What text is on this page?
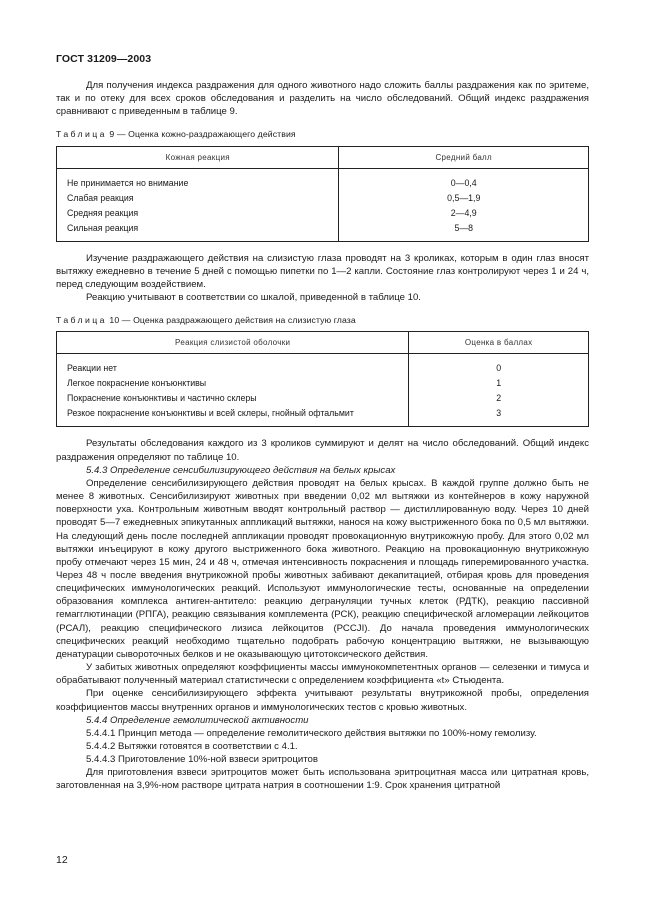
ГОСТ 31209—2003

Для получения индекса раздражения для одного животного надо сложить баллы раздражения как по эритеме, так и по отеку для всех сроков обследования и разделить на число обследований. Общий индекс раздражения сравнивают с приведенным в таблице 9.

Таблица 9 — Оценка кожно-раздражающего действия

Кожная реакция	Средний балл
Не принимается но внимание	0—0,4
Слабая реакция	0,5—1,9
Средняя реакция	2—4,9
Сильная реакция	5—8

Изучение раздражающего действия на слизистую глаза проводят на 3 кроликах, которым в один глаз вносят вытяжку ежедневно в течение 5 дней с помощью пипетки по 1—2 капли. Состояние глаз контролируют через 1 и 24 ч, перед следующим воздействием.

Реакцию учитывают в соответствии со шкалой, приведенной в таблице 10.

Таблица 10 — Оценка раздражающего действия на слизистую глаза

Реакция слизистой оболочки	Оценка в баллах
Реакции нет	0
Легкое покраснение конъюнктивы	1
Покраснение конъюнктивы и частично склеры	2
Резкое покраснение конъюнктивы и всей склеры, гнойный офтальмит	3

Результаты обследования каждого из 3 кроликов суммируют и делят на число обследований. Общий индекс раздражения определяют по таблице 10.

5.4.3 Определение сенсибилизирующего действия на белых крысах

Определение сенсибилизирующего действия проводят на белых крысах. В каждой группе должно быть не менее 8 животных. Сенсибилизируют животных при введении 0,02 мл вытяжки из контейнеров в кожу наружной поверхности уха. Контрольным животным вводят контрольный раствор — дистиллированную воду. Через 10 дней проводят 5—7 ежедневных эпикутанных аппликаций вытяжки, нанося на кожу выстриженного бока по 0,5 мл вытяжки. На следующий день после последней аппликации проводят провокационную внутрикожную пробу. Для этого 0,02 мл вытяжки инъецируют в кожу другого выстриженного бока животного. Реакцию на провокационную внутрикожную пробу отмечают через 15 мин, 24 и 48 ч, отмечая интенсивность покраснения и площадь гиперемированного участка. Через 48 ч после введения внутрикожной пробы животных забивают декапитацией, отбирая кровь для проведения специфических иммунологических реакций. Используют иммунологические тесты, основанные на определении образования комплекса антиген-антитело: реакцию дегрануляции тучных клеток (РДТК), реакцию пассивной гемагглютинации (РПГА), реакцию связывания комплемента (РСК), реакцию специфической агломерации лейкоцитов (РСАЛ), реакцию специфического лизиса лейкоцитов (РСCJI). До начала проведения иммунологических специфических реакций необходимо тщательно подобрать рабочую концентрацию вытяжки, не вызывающую денатурации сывороточных белков и не оказывающую цитотоксического действия.

У забитых животных определяют коэффициенты массы иммунокомпетентных органов — селезенки и тимуса и обрабатывают полученный материал статистически с определением коэффициента «t» Стьюдента.

При оценке сенсибилизирующего эффекта учитывают результаты внутрикожной пробы, определения коэффициентов массы внутренних органов и иммунологических тестов с кровью животных.

5.4.4 Определение гемолитической активности

5.4.4.1 Принцип метода — определение гемолитического действия вытяжки по 100%-ному гемолизу.

5.4.4.2 Вытяжки готовятся в соответствии с 4.1.

5.4.4.3 Приготовление 10%-ной взвеси эритроцитов

Для приготовления взвеси эритроцитов может быть использована эритроцитная масса или цитратная кровь, заготовленная на 3,9%-ном растворе цитрата натрия в соотношении 1:9. Срок хранения цитратной

12
